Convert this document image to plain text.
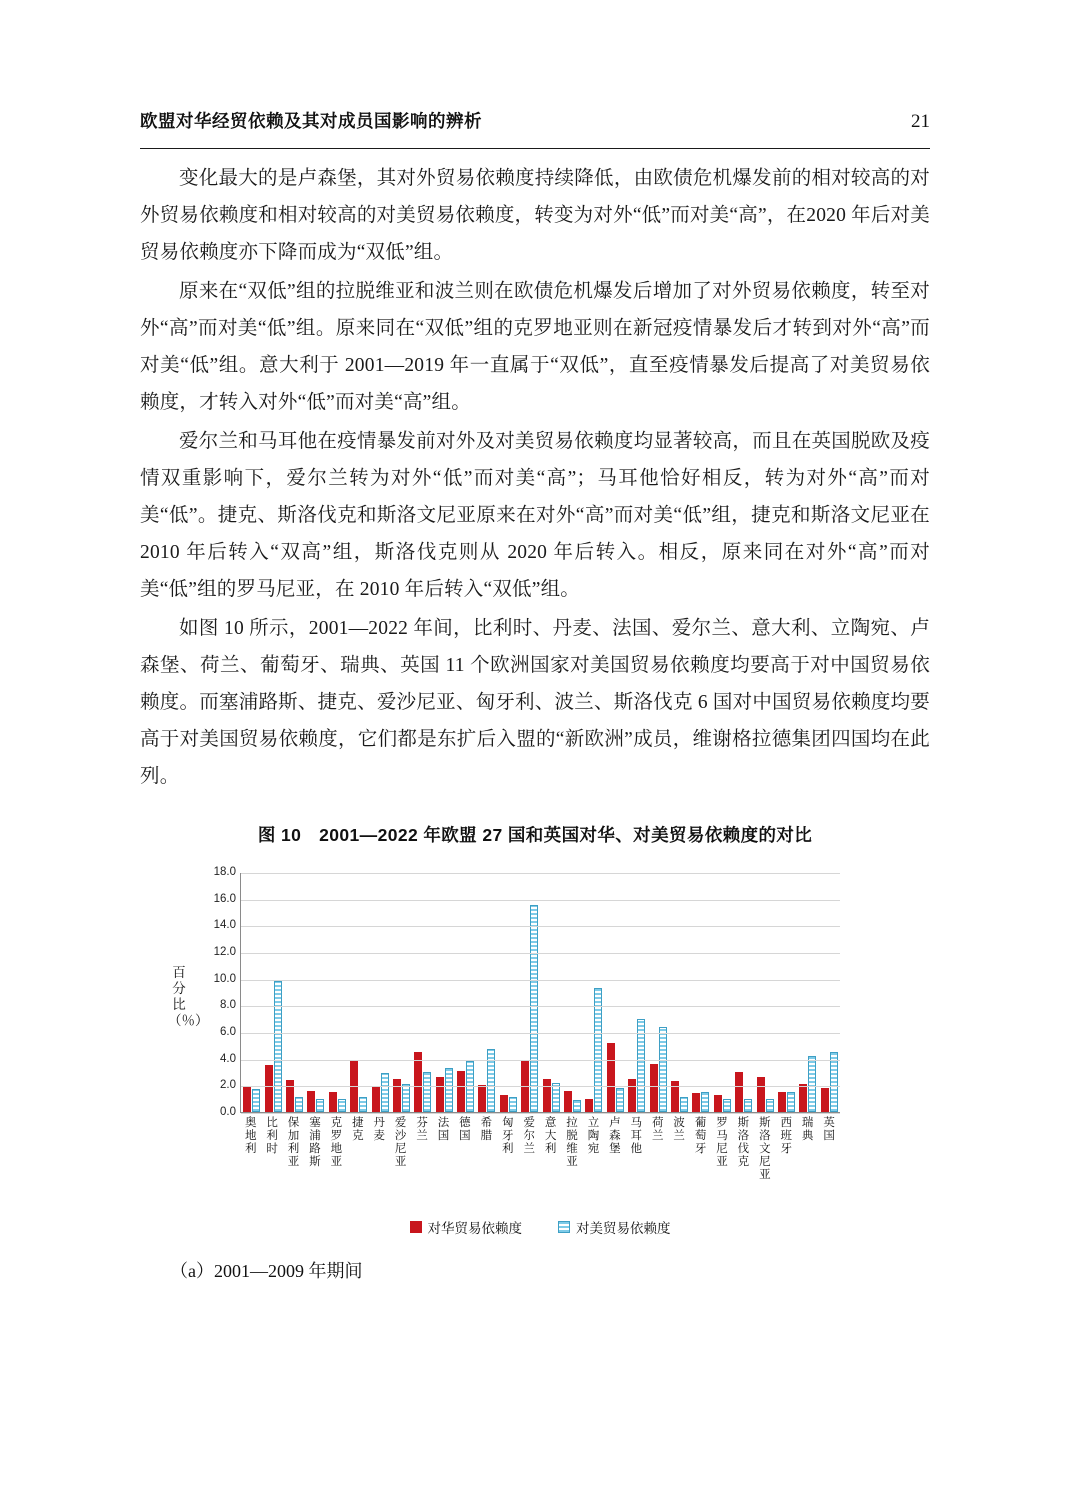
欧盟对华经贸依赖及其对成员国影响的辨析	21

变化最大的是卢森堡，其对外贸易依赖度持续降低，由欧债危机爆发前的相对较高的对外贸易依赖度和相对较高的对美贸易依赖度，转变为对外“低”而对美“高”，在2020 年后对美贸易依赖度亦下降而成为“双低”组。

原来在“双低”组的拉脱维亚和波兰则在欧债危机爆发后增加了对外贸易依赖度，转至对外“高”而对美“低”组。原来同在“双低”组的克罗地亚则在新冠疫情暴发后才转到对外“高”而对美“低”组。意大利于 2001—2019 年一直属于“双低”，直至疫情暴发后提高了对美贸易依赖度，才转入对外“低”而对美“高”组。

爱尔兰和马耳他在疫情暴发前对外及对美贸易依赖度均显著较高，而且在英国脱欧及疫情双重影响下，爱尔兰转为对外“低”而对美“高”；马耳他恰好相反，转为对外“高”而对美“低”。捷克、斯洛伐克和斯洛文尼亚原来在对外“高”而对美“低”组，捷克和斯洛文尼亚在 2010 年后转入“双高”组，斯洛伐克则从 2020 年后转入。相反，原来同在对外“高”而对美“低”组的罗马尼亚，在 2010 年后转入“双低”组。

如图 10 所示，2001—2022 年间，比利时、丹麦、法国、爱尔兰、意大利、立陶宛、卢森堡、荷兰、葡萄牙、瑞典、英国 11 个欧洲国家对美国贸易依赖度均要高于对中国贸易依赖度。而塞浦路斯、捷克、爱沙尼亚、匈牙利、波兰、斯洛伐克 6 国对中国贸易依赖度均要高于对美国贸易依赖度，它们都是东扩后入盟的“新欧洲”成员，维谢格拉德集团四国均在此列。

图 10　2001—2022 年欧盟 27 国和英国对华、对美贸易依赖度的对比
百分比（％）
0.0
2.0
4.0
6.0
8.0
10.0
12.0
14.0
16.0
18.0
奥地利
比利时
保加利亚
塞浦路斯
克罗地亚
捷克
丹麦
爱沙尼亚
芬兰
法国
德国
希腊
匈牙利
爱尔兰
意大利
拉脱维亚
立陶宛
卢森堡
马耳他
荷兰
波兰
葡萄牙
罗马尼亚
斯洛伐克
斯洛文尼亚
西班牙
瑞典
英国
对华贸易依赖度	对美贸易依赖度
（a）2001—2009 年期间
